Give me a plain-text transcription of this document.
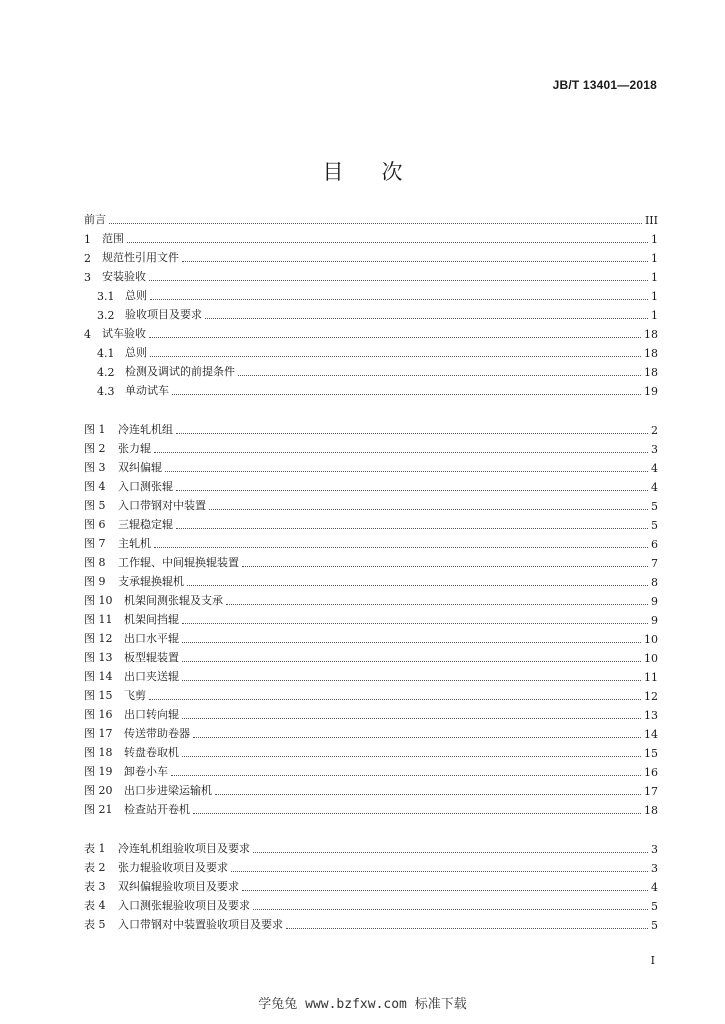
JB/T 13401—2018
目 次
前言	III
1	范围	1
2	规范性引用文件	1
3	安装验收	1
3.1 总则	1
3.2 验收项目及要求	1
4	试车验收	18
4.1 总则	18
4.2 检测及调试的前提条件	18
4.3 单动试车	19
图 1	冷连轧机组	2
图 2	张力辊	3
图 3	双纠偏辊	4
图 4	入口测张辊	4
图 5	入口带钢对中装置	5
图 6	三辊稳定辊	5
图 7	主轧机	6
图 8	工作辊、中间辊换辊装置	7
图 9	支承辊换辊机	8
图 10	机架间测张辊及支承	9
图 11	机架间挡辊	9
图 12	出口水平辊	10
图 13	板型辊装置	10
图 14	出口夹送辊	11
图 15	飞剪	12
图 16	出口转向辊	13
图 17	传送带助卷器	14
图 18	转盘卷取机	15
图 19	卸卷小车	16
图 20	出口步进梁运输机	17
图 21	检查站开卷机	18
表 1	冷连轧机组验收项目及要求	3
表 2	张力辊验收项目及要求	3
表 3	双纠偏辊验收项目及要求	4
表 4	入口测张辊验收项目及要求	5
表 5	入口带钢对中装置验收项目及要求	5
I
学兔兔 www.bzfxw.com 标准下载
